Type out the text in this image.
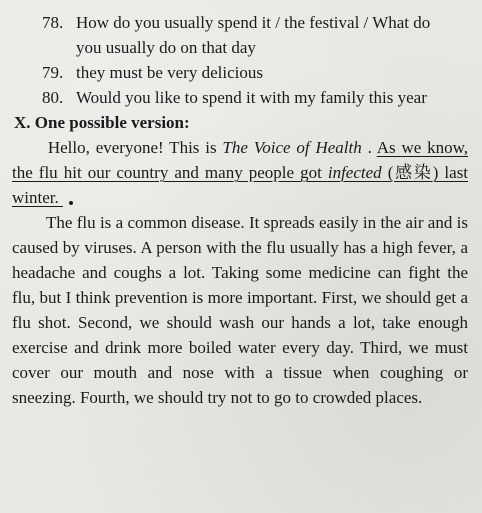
78. How do you usually spend it / the festival / What do you usually do on that day
79. they must be very delicious
80. Would you like to spend it with my family this year
X. One possible version:

Hello, everyone! This is The Voice of Health . As we know, the flu hit our country and many people got infected (感染) last winter.

The flu is a common disease. It spreads easily in the air and is caused by viruses. A person with the flu usually has a high fever, a headache and coughs a lot. Taking some medicine can fight the flu, but I think prevention is more important. First, we should get a flu shot. Second, we should wash our hands a lot, take enough exercise and drink more boiled water every day. Third, we must cover our mouth and nose with a tissue when coughing or sneezing. Fourth, we should try not to go to crowded places.
